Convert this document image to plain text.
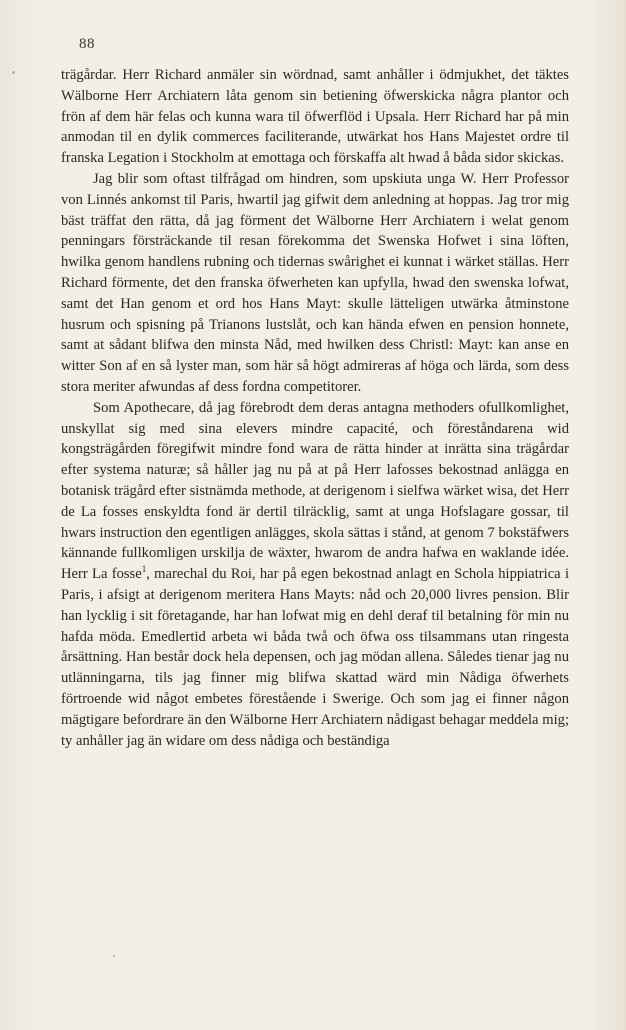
88

trägårdar. Herr Richard anmäler sin wördnad, samt anhåller i ödmjukhet, det täktes Wälborne Herr Archiatern låta genom sin betiening öfwerskicka några plantor och frön af dem här felas och kunna wara til öfwerflöd i Upsala. Herr Richard har på min anmodan til en dylik commerces faciliterande, utwärkat hos Hans Majestet ordre til franska Legation i Stockholm at emottaga och förskaffa alt hwad å båda sidor skickas.

Jag blir som oftast tilfrågad om hindren, som upskiuta unga W. Herr Professor von Linnés ankomst til Paris, hwartil jag gifwit dem anledning at hoppas. Jag tror mig bäst träffat den rätta, då jag förment det Wälborne Herr Archiatern i welat genom penningars försträckande til resan förekomma det Swenska Hofwet i sina löften, hwilka genom handlens rubning och tidernas swårighet ei kunnat i wärket ställas. Herr Richard förmente, det den franska öfwerheten kan upfylla, hwad den swenska lofwat, samt det Han genom et ord hos Hans Mayt: skulle lätteligen utwärka åtminstone husrum och spisning på Trianons lustslåt, och kan hända efwen en pension honnete, samt at sådant blifwa den minsta Nåd, med hwilken dess Christl: Mayt: kan anse en witter Son af en så lyster man, som här så högt admireras af höga och lärda, som dess stora meriter afwundas af dess fordna competitorer.

Som Apothecare, då jag förebrodt dem deras antagna methoders ofullkomlighet, unskyllat sig med sina elevers mindre capacité, och föreståndarena wid kongsträgården föregifwit mindre fond wara de rätta hinder at inrätta sina trägårdar efter systema naturæ; så håller jag nu på at på Herr lafosses bekostnad anlägga en botanisk trägård efter sistnämda methode, at derigenom i sielfwa wärket wisa, det Herr de La fosses enskyldta fond är dertil tilräcklig, samt at unga Hofslagare gossar, til hwars instruction den egentligen anlägges, skola sättas i stånd, at genom 7 bokstäfwers kännande fullkomligen urskilja de wäxter, hwarom de andra hafwa en waklande idée. Herr La fosse$^1$, marechal du Roi, har på egen bekostnad anlagt en Schola hippiatrica i Paris, i afsigt at derigenom meritera Hans Mayts: nåd och 20,000 livres pension. Blir han lycklig i sit företagande, har han lofwat mig en dehl deraf til betalning för min nu hafda möda. Emedlertid arbeta wi båda twå och öfwa oss tilsammans utan ringesta årsättning. Han består dock hela depensen, och jag mödan allena. Således tienar jag nu utlänningarna, tils jag finner mig blifwa skattad wärd min Nådiga öfwerhets förtroende wid något embetes förestående i Swerige. Och som jag ei finner någon mägtigare befordrare än den Wälborne Herr Archiatern nådigast behagar meddela mig; ty anhåller jag än widare om dess nådiga och beständiga
